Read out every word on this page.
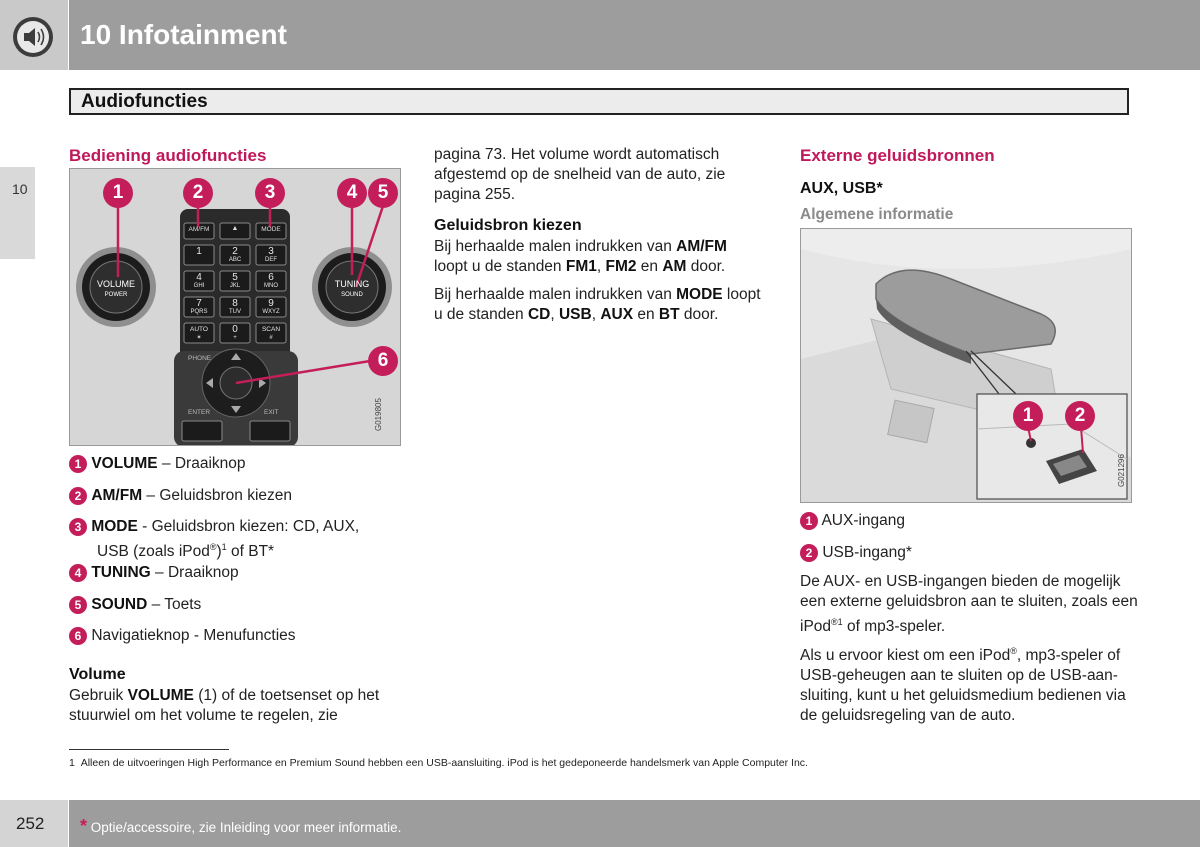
10 Infotainment
10
Audiofuncties
Bediening audiofuncties
VOLUME
POWER
TUNING
SOUND
AM/FM	▲	MODE
1	2
ABC
3
DEF
4
GHI
5
JKL
6
MNO
7
PQRS
8
TUV
9
WXYZ
AUTO
✶
0
+
SCAN
#
PHONE
ENTER	EXIT	G019805
1	2	3	4	5
6
1 VOLUME – Draaiknop
2 AM/FM – Geluidsbron kiezen
3 MODE - Geluidsbron kiezen: CD, AUX,
USB (zoals iPod®)$^1$ of BT*
4 TUNING – Draaiknop
5 SOUND – Toets
6 Navigatieknop - Menufuncties
Volume
Gebruik VOLUME (1) of de toetsenset op het stuurwiel om het volume te regelen, zie
pagina 73. Het volume wordt automatisch afgestemd op de snelheid van de auto, zie pagina 255.
Geluidsbron kiezen
Bij herhaalde malen indrukken van AM/FM loopt u de standen FM1, FM2 en AM door.
Bij herhaalde malen indrukken van MODE loopt u de standen CD, USB, AUX en BT door.
Externe geluidsbronnen
AUX, USB*
Algemene informatie
G021296
1	2
1 AUX-ingang
2 USB-ingang*
De AUX- en USB-ingangen bieden de mogelijk een externe geluidsbron aan te sluiten, zoals een iPod$^{®1}$ of mp3-speler.
Als u ervoor kiest om een iPod®, mp3-speler of USB-geheugen aan te sluiten op de USB-aan-sluiting, kunt u het geluidsmedium bedienen via de geluidsregeling van de auto.
1 Alleen de uitvoeringen High Performance en Premium Sound hebben een USB-aansluiting. iPod is het gedeponeerde handelsmerk van Apple Computer Inc.
252 * Optie/accessoire, zie Inleiding voor meer informatie.
